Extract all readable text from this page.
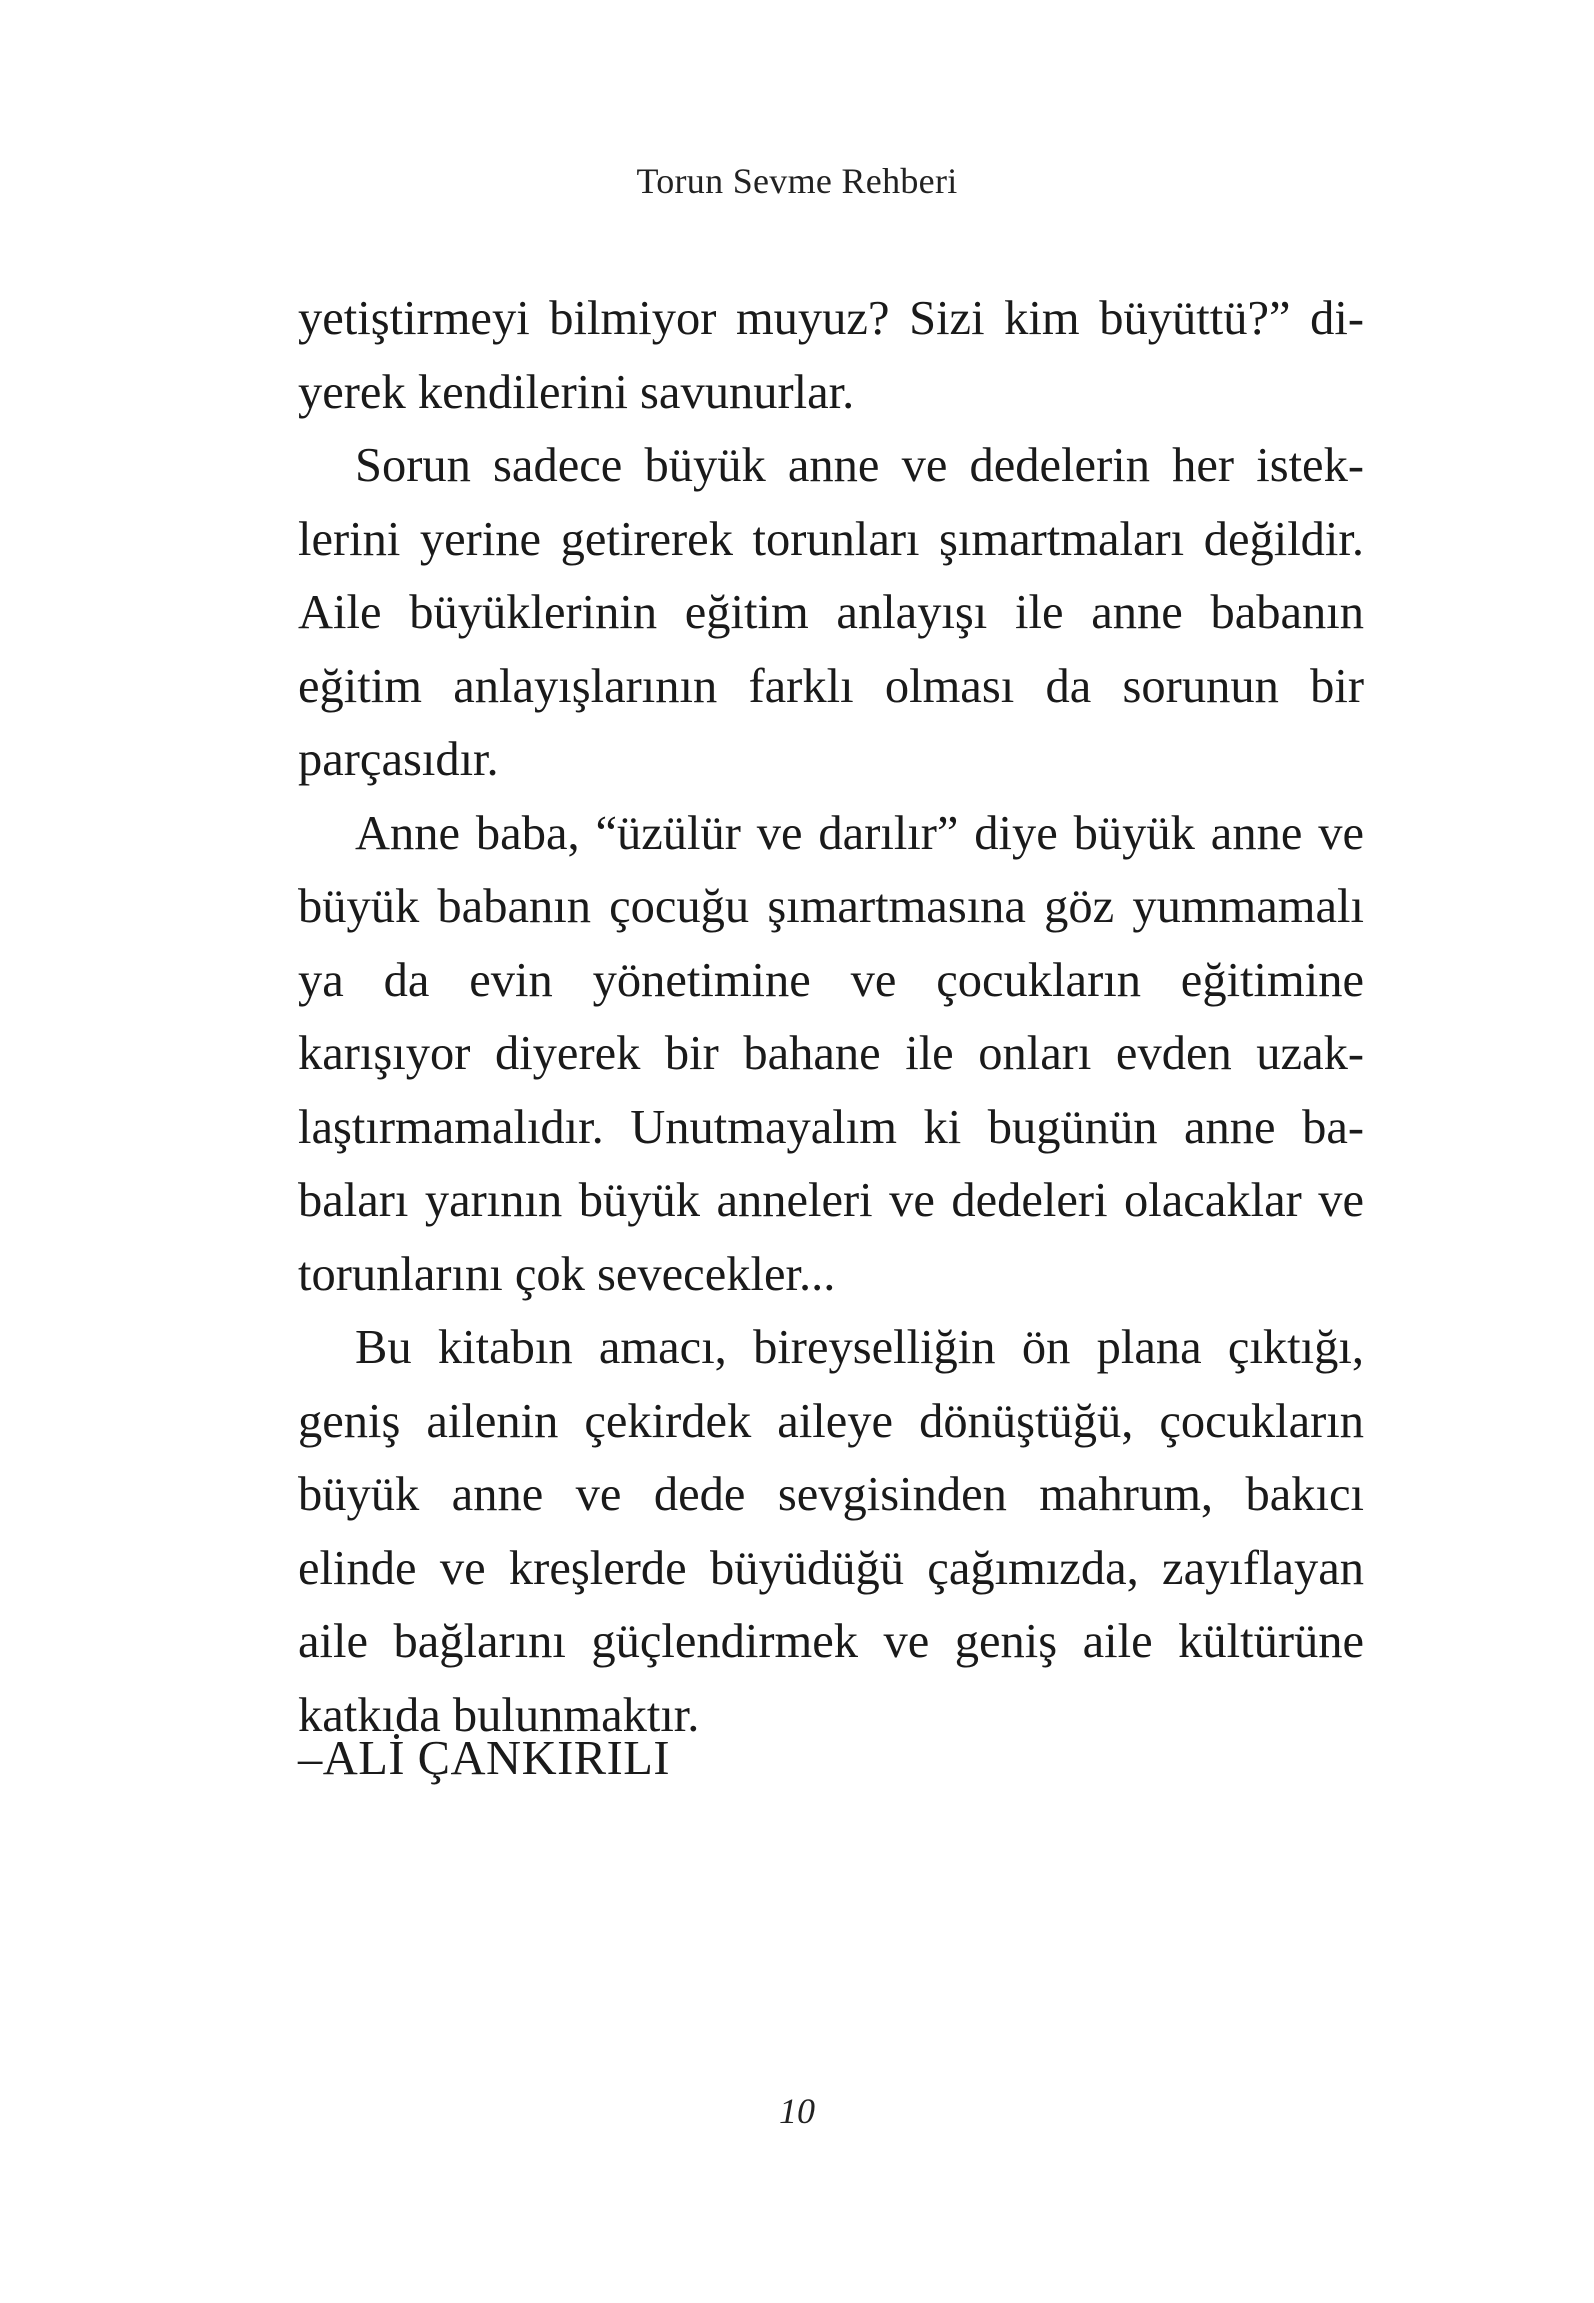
Torun Sevme Rehberi

yetiştirmeyi bilmiyor muyuz? Sizi kim büyüttü?” diyerek kendilerini savunurlar.

Sorun sadece büyük anne ve dedelerin her isteklerini yerine getirerek torunları şımartmaları değildir. Aile büyüklerinin eğitim anlayışı ile anne babanın eğitim anlayışlarının farklı olması da sorunun bir parçasıdır.

Anne baba, “üzülür ve darılır” diye büyük anne ve büyük babanın çocuğu şımartmasına göz yummamalı ya da evin yönetimine ve çocukların eğitimine karışıyor diyerek bir bahane ile onları evden uzaklaştırmamalıdır. Unutmayalım ki bugünün anne babaları yarının büyük anneleri ve dedeleri olacaklar ve torunlarını çok sevecekler...

Bu kitabın amacı, bireyselliğin ön plana çıktığı, geniş ailenin çekirdek aileye dönüştüğü, çocukların büyük anne ve dede sevgisinden mahrum, bakıcı elinde ve kreşlerde büyüdüğü çağımızda, zayıflayan aile bağlarını güçlendirmek ve geniş aile kültürüne katkıda bulunmaktır.

–ALİ ÇANKIRILI
10
